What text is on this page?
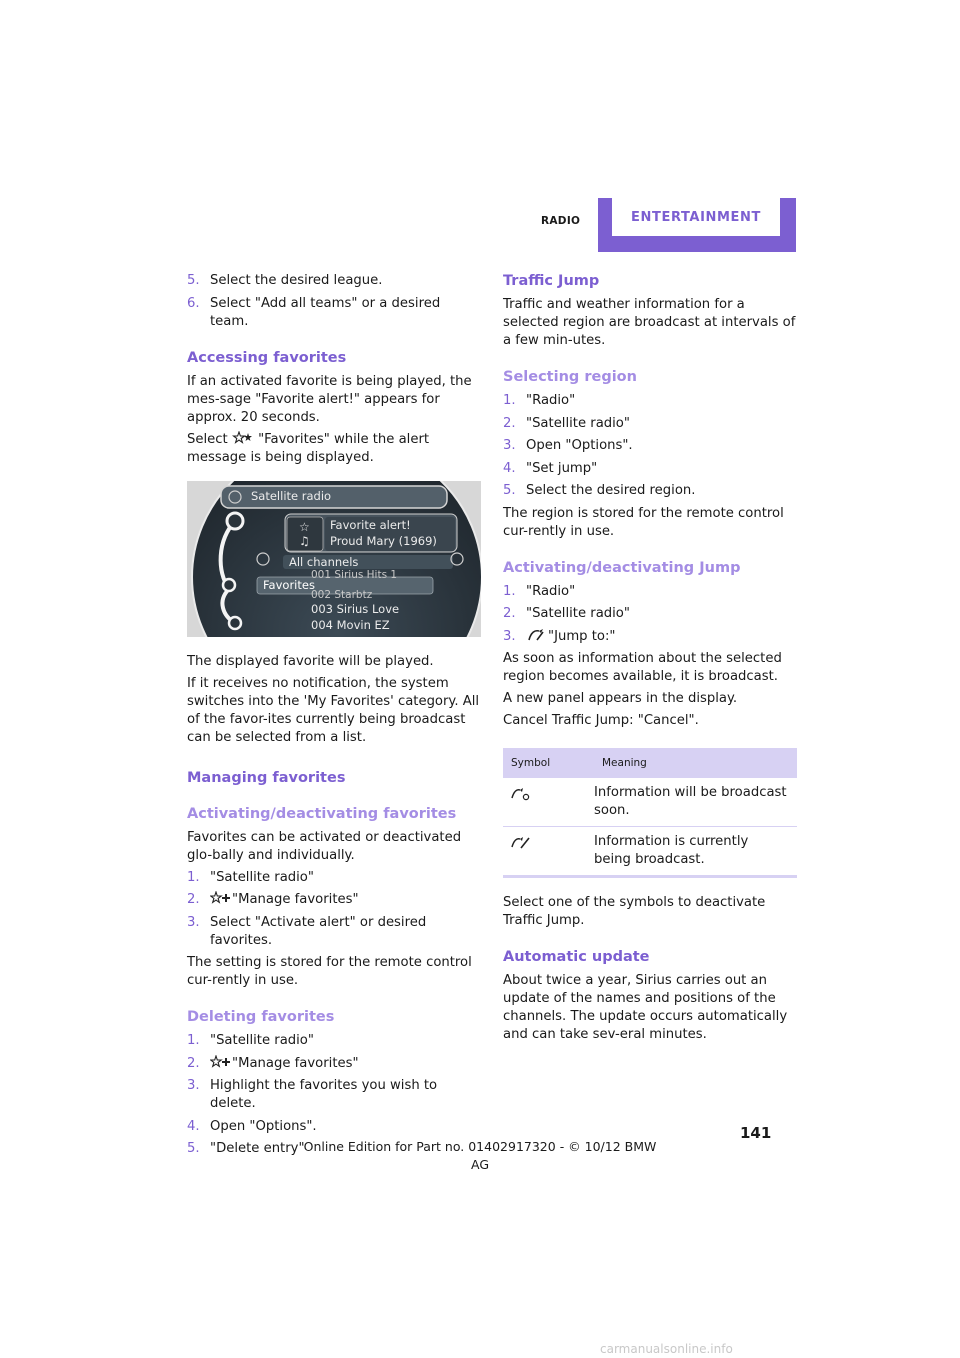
RADIO	ENTERTAINMENT
5. Select the desired league.
6. Select "Add all teams" or a desired team.
Accessing favorites

If an activated favorite is being played, the mes-sage "Favorite alert!" appears for approx. 20 seconds.

Select "Favorites" while the alert message is being displayed.

☆
♫
Satellite radio
Favorite alert!
Proud Mary (1969)
All channels
Favorites
001 Sirius Hits 1
002 Starbtz
003 Sirius Love
004 Movin EZ

The displayed favorite will be played.

If it receives no notification, the system switches into the 'My Favorites' category. All of the favor-ites currently being broadcast can be selected from a list.

Managing favorites
Activating/deactivating favorites

Favorites can be activated or deactivated glo-bally and individually.

1. "Satellite radio"
2.	"Manage favorites"
3. Select "Activate alert" or desired favorites.

The setting is stored for the remote control cur-rently in use.

Deleting favorites
1. "Satellite radio"
2.	"Manage favorites"
3. Highlight the favorites you wish to delete.
4. Open "Options".
5. "Delete entry"
Traffic Jump

Traffic and weather information for a selected region are broadcast at intervals of a few min-utes.

Selecting region
1. "Radio"
2. "Satellite radio"
3. Open "Options".
4. "Set jump"
5. Select the desired region.

The region is stored for the remote control cur-rently in use.

Activating/deactivating Jump
1. "Radio"
2. "Satellite radio"
3.	"Jump to:"

As soon as information about the selected region becomes available, it is broadcast.

A new panel appears in the display.

Cancel Traffic Jump: "Cancel".

Symbol	Meaning
Information will be broadcast soon.
Information is currently being broadcast.

Select one of the symbols to deactivate Traffic Jump.

Automatic update

About twice a year, Sirius carries out an update of the names and positions of the channels. The update occurs automatically and can take sev-eral minutes.

141
Online Edition for Part no. 01402917320 - © 10/12 BMW AG
carmanualsonline.info
